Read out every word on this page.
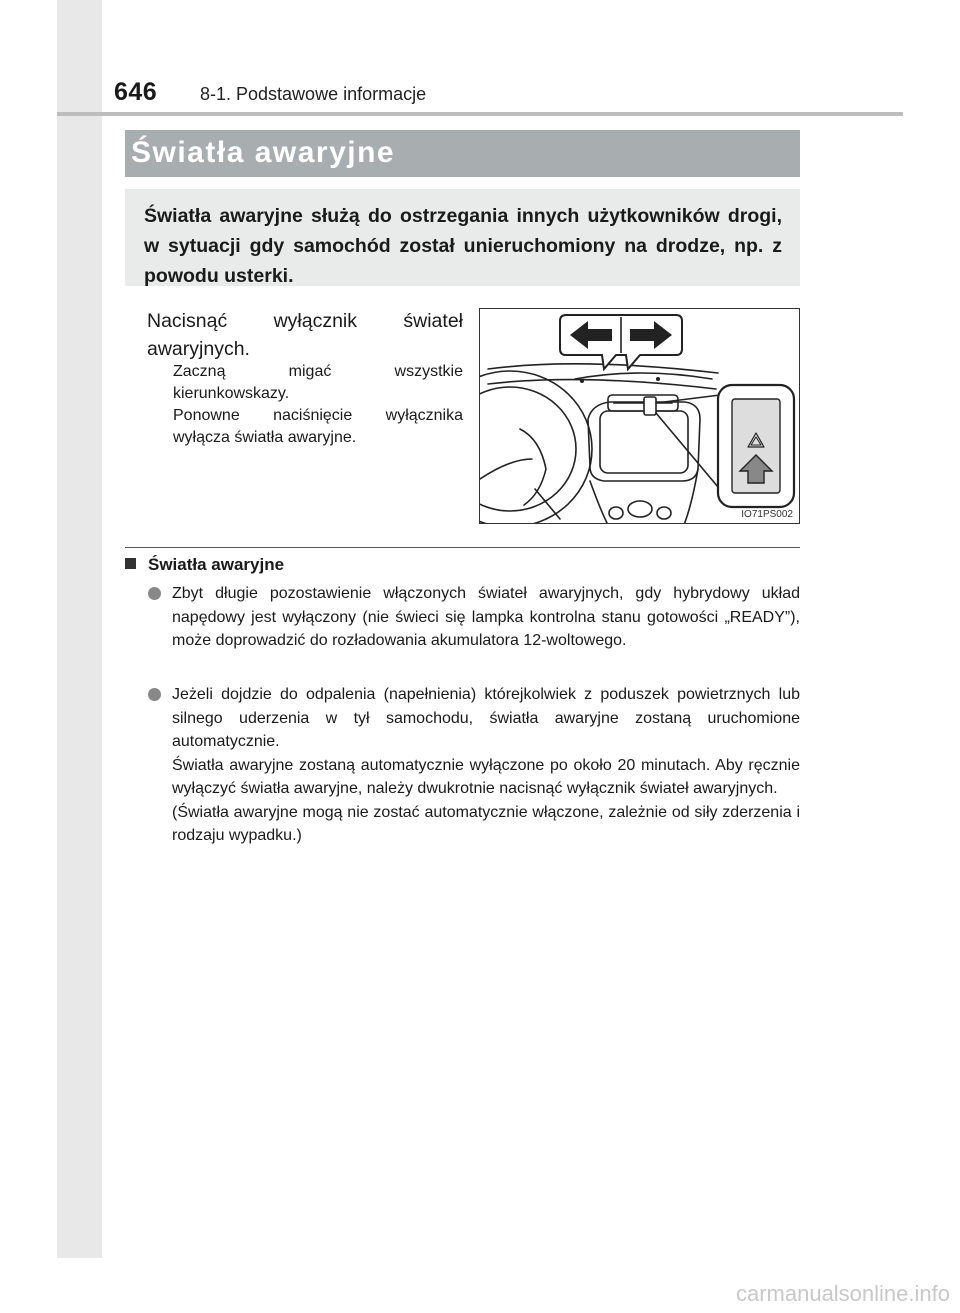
646 8-1. Podstawowe informacje
Światła awaryjne

Światła awaryjne służą do ostrzegania innych użytkowników drogi, w sytuacji gdy samochód został unieruchomiony na drodze, np. z powodu usterki.

Nacisnąć wyłącznik świateł awaryjnych.

Zaczną migać wszystkie kierunkowskazy.
Ponowne naciśnięcie wyłącznika wyłącza światła awaryjne.
IO71PS002
Światła awaryjne
Zbyt długie pozostawienie włączonych świateł awaryjnych, gdy hybrydowy układ napędowy jest wyłączony (nie świeci się lampka kontrolna stanu gotowości „READY”), może doprowadzić do rozładowania akumulatora 12-woltowego.
Jeżeli dojdzie do odpalenia (napełnienia) którejkolwiek z poduszek powietrznych lub silnego uderzenia w tył samochodu, światła awaryjne zostaną uruchomione automatycznie.
Światła awaryjne zostaną automatycznie wyłączone po około 20 minutach. Aby ręcznie wyłączyć światła awaryjne, należy dwukrotnie nacisnąć wyłącznik świateł awaryjnych.
(Światła awaryjne mogą nie zostać automatycznie włączone, zależnie od siły zderzenia i rodzaju wypadku.)
carmanualsonline.info
